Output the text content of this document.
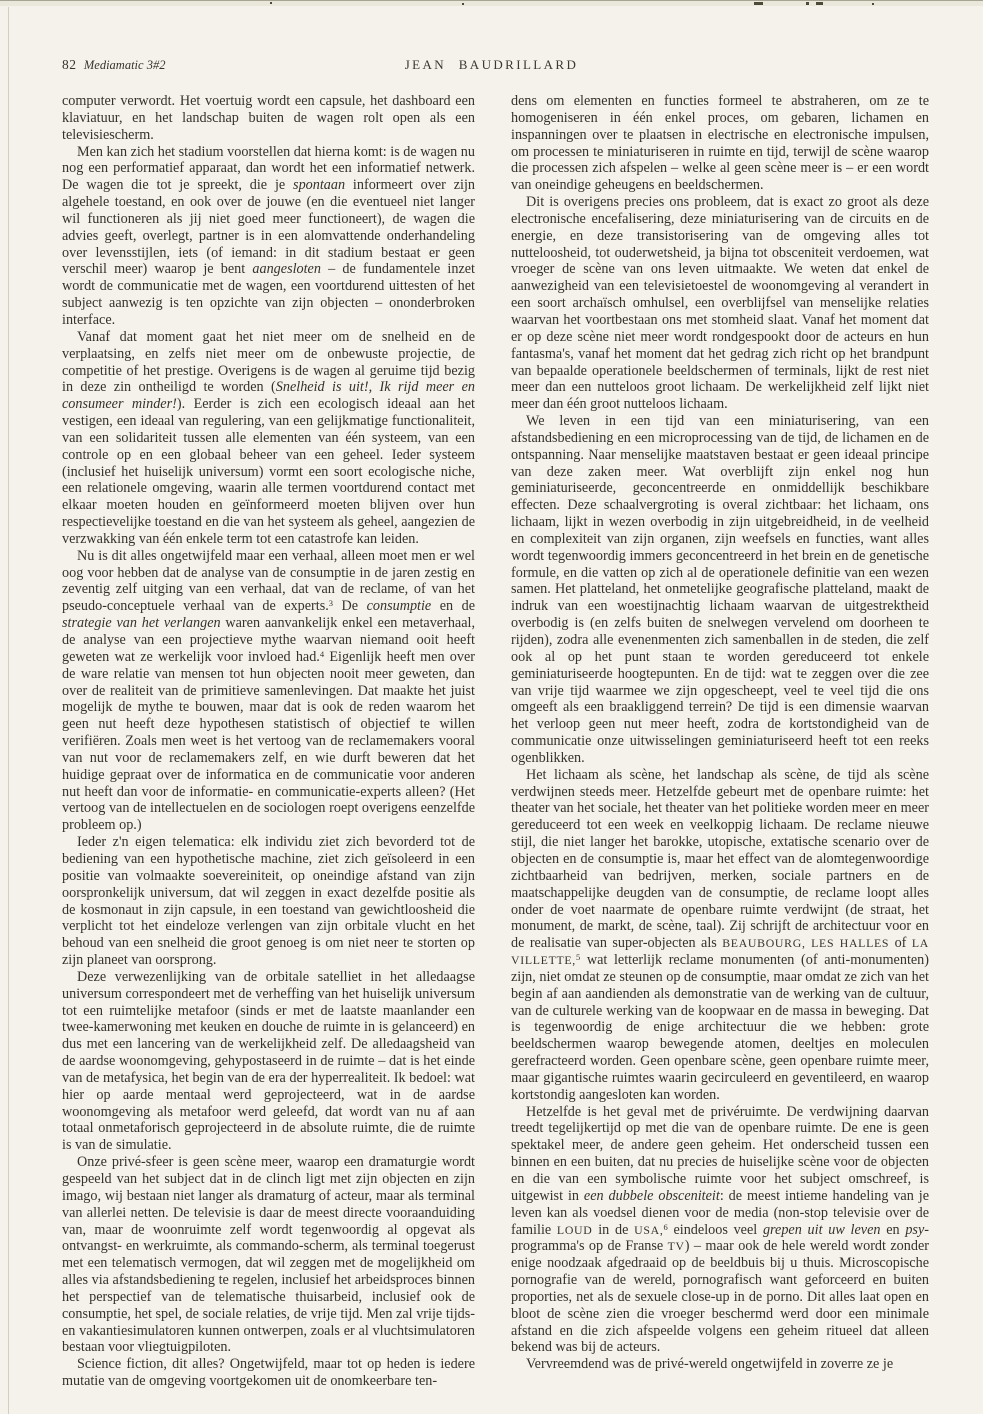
JEAN BAUDRILLARD
82 Mediamatic 3#2

computer verwordt. Het voertuig wordt een capsule, het dashboard een klaviatuur, en het landschap buiten de wagen rolt open als een televisiescherm.

Men kan zich het stadium voorstellen dat hierna komt: is de wagen nu nog een performatief apparaat, dan wordt het een informatief netwerk. De wagen die tot je spreekt, die je spontaan informeert over zijn algehele toestand, en ook over de jouwe (en die eventueel niet langer wil functioneren als jij niet goed meer functioneert), de wagen die advies geeft, overlegt, partner is in een alomvattende onderhandeling over levensstijlen, iets (of iemand: in dit stadium bestaat er geen verschil meer) waarop je bent aangesloten – de fundamentele inzet wordt de communicatie met de wagen, een voortdurend uittesten of het subject aanwezig is ten opzichte van zijn objecten – ononderbroken interface.

Vanaf dat moment gaat het niet meer om de snelheid en de verplaatsing, en zelfs niet meer om de onbewuste projectie, de competitie of het prestige. Overigens is de wagen al geruime tijd bezig in deze zin ontheiligd te worden (Snelheid is uit!, Ik rijd meer en consumeer minder!). Eerder is zich een ecologisch ideaal aan het vestigen, een ideaal van regulering, van een gelijkmatige functionaliteit, van een solidariteit tussen alle elementen van één systeem, van een controle op en een globaal beheer van een geheel. Ieder systeem (inclusief het huiselijk universum) vormt een soort ecologische niche, een relationele omgeving, waarin alle termen voortdurend contact met elkaar moeten houden en geïnformeerd moeten blijven over hun respectievelijke toestand en die van het systeem als geheel, aangezien de verzwakking van één enkele term tot een catastrofe kan leiden.

Nu is dit alles ongetwijfeld maar een verhaal, alleen moet men er wel oog voor hebben dat de analyse van de consumptie in de jaren zestig en zeventig zelf uitging van een verhaal, dat van de reclame, of van het pseudo-conceptuele verhaal van de experts.$^3$ De consumptie en de strategie van het verlangen waren aanvankelijk enkel een metaverhaal, de analyse van een projectieve mythe waarvan niemand ooit heeft geweten wat ze werkelijk voor invloed had.$^4$ Eigenlijk heeft men over de ware relatie van mensen tot hun objecten nooit meer geweten, dan over de realiteit van de primitieve samenlevingen. Dat maakte het juist mogelijk de mythe te bouwen, maar dat is ook de reden waarom het geen nut heeft deze hypothesen statistisch of objectief te willen verifiëren. Zoals men weet is het vertoog van de reclamemakers vooral van nut voor de reclamemakers zelf, en wie durft beweren dat het huidige gepraat over de informatica en de communicatie voor anderen nut heeft dan voor de informatie- en communicatie-experts alleen? (Het vertoog van de intellectuelen en de sociologen roept overigens eenzelfde probleem op.)

Ieder z'n eigen telematica: elk individu ziet zich bevorderd tot de bediening van een hypothetische machine, ziet zich geïsoleerd in een positie van volmaakte soevereiniteit, op oneindige afstand van zijn oorspronkelijk universum, dat wil zeggen in exact dezelfde positie als de kosmonaut in zijn capsule, in een toestand van gewichtloosheid die verplicht tot het eindeloze verlengen van zijn orbitale vlucht en het behoud van een snelheid die groot genoeg is om niet neer te storten op zijn planeet van oorsprong.

Deze verwezenlijking van de orbitale satelliet in het alledaagse universum correspondeert met de verheffing van het huiselijk universum tot een ruimtelijke metafoor (sinds er met de laatste maanlander een twee-kamerwoning met keuken en douche de ruimte in is gelanceerd) en dus met een lancering van de werkelijkheid zelf. De alledaagsheid van de aardse woonomgeving, gehypostaseerd in de ruimte – dat is het einde van de metafysica, het begin van de era der hyperrealiteit. Ik bedoel: wat hier op aarde mentaal werd geprojecteerd, wat in de aardse woonomgeving als metafoor werd geleefd, dat wordt van nu af aan totaal onmetaforisch geprojecteerd in de absolute ruimte, die de ruimte is van de simulatie.

Onze privé-sfeer is geen scène meer, waarop een dramaturgie wordt gespeeld van het subject dat in de clinch ligt met zijn objecten en zijn imago, wij bestaan niet langer als dramaturg of acteur, maar als terminal van allerlei netten. De televisie is daar de meest directe vooraanduiding van, maar de woonruimte zelf wordt tegenwoordig al opgevat als ontvangst- en werkruimte, als commando-scherm, als terminal toegerust met een telematisch vermogen, dat wil zeggen met de mogelijkheid om alles via afstandsbediening te regelen, inclusief het arbeidsproces binnen het perspectief van de telematische thuisarbeid, inclusief ook de consumptie, het spel, de sociale relaties, de vrije tijd. Men zal vrije tijds- en vakantiesimulatoren kunnen ontwerpen, zoals er al vluchtsimulatoren bestaan voor vliegtuigpiloten.

Science fiction, dit alles? Ongetwijfeld, maar tot op heden is iedere mutatie van de omgeving voortgekomen uit de onomkeerbare ten-

dens om elementen en functies formeel te abstraheren, om ze te homogeniseren in één enkel proces, om gebaren, lichamen en inspanningen over te plaatsen in electrische en electronische impulsen, om processen te miniaturiseren in ruimte en tijd, terwijl de scène waarop die processen zich afspelen – welke al geen scène meer is – er een wordt van oneindige geheugens en beeldschermen.

Dit is overigens precies ons probleem, dat is exact zo groot als deze electronische encefalisering, deze miniaturisering van de circuits en de energie, en deze transistorisering van de omgeving alles tot nutteloosheid, tot ouderwetsheid, ja bijna tot obsceniteit verdoemen, wat vroeger de scène van ons leven uitmaakte. We weten dat enkel de aanwezigheid van een televisietoestel de woonomgeving al verandert in een soort archaïsch omhulsel, een overblijfsel van menselijke relaties waarvan het voortbestaan ons met stomheid slaat. Vanaf het moment dat er op deze scène niet meer wordt rondgespookt door de acteurs en hun fantasma's, vanaf het moment dat het gedrag zich richt op het brandpunt van bepaalde operationele beeldschermen of terminals, lijkt de rest niet meer dan een nutteloos groot lichaam. De werkelijkheid zelf lijkt niet meer dan één groot nutteloos lichaam.

We leven in een tijd van een miniaturisering, van een afstandsbediening en een microprocessing van de tijd, de lichamen en de ontspanning. Naar menselijke maatstaven bestaat er geen ideaal principe van deze zaken meer. Wat overblijft zijn enkel nog hun geminiaturiseerde, geconcentreerde en onmiddellijk beschikbare effecten. Deze schaalvergroting is overal zichtbaar: het lichaam, ons lichaam, lijkt in wezen overbodig in zijn uitgebreidheid, in de veelheid en complexiteit van zijn organen, zijn weefsels en functies, want alles wordt tegenwoordig immers geconcentreerd in het brein en de genetische formule, en die vatten op zich al de operationele definitie van een wezen samen. Het platteland, het onmetelijke geografische platteland, maakt de indruk van een woestijnachtig lichaam waarvan de uitgestrektheid overbodig is (en zelfs buiten de snelwegen vervelend om doorheen te rijden), zodra alle evenenmenten zich samenballen in de steden, die zelf ook al op het punt staan te worden gereduceerd tot enkele geminiaturiseerde hoogtepunten. En de tijd: wat te zeggen over die zee van vrije tijd waarmee we zijn opgescheept, veel te veel tijd die ons omgeeft als een braakliggend terrein? De tijd is een dimensie waarvan het verloop geen nut meer heeft, zodra de kortstondigheid van de communicatie onze uitwisselingen geminiaturiseerd heeft tot een reeks ogenblikken.

Het lichaam als scène, het landschap als scène, de tijd als scène verdwijnen steeds meer. Hetzelfde gebeurt met de openbare ruimte: het theater van het sociale, het theater van het politieke worden meer en meer gereduceerd tot een week en veelkoppig lichaam. De reclame nieuwe stijl, die niet langer het barokke, utopische, extatische scenario over de objecten en de consumptie is, maar het effect van de alomtegenwoordige zichtbaarheid van bedrijven, merken, sociale partners en de maatschappelijke deugden van de consumptie, de reclame loopt alles onder de voet naarmate de openbare ruimte verdwijnt (de straat, het monument, de markt, de scène, taal). Zij schrijft de architectuur voor en de realisatie van super-objecten als BEAUBOURG, LES HALLES of LA VILLETTE,$^5$ wat letterlijk reclame monumenten (of anti-monumenten) zijn, niet omdat ze steunen op de consumptie, maar omdat ze zich van het begin af aan aandienden als demonstratie van de werking van de cultuur, van de culturele werking van de koopwaar en de massa in beweging. Dat is tegenwoordig de enige architectuur die we hebben: grote beeldschermen waarop bewegende atomen, deeltjes en moleculen gerefracteerd worden. Geen openbare scène, geen openbare ruimte meer, maar gigantische ruimtes waarin gecirculeerd en geventileerd, en waarop kortstondig aangesloten kan worden.

Hetzelfde is het geval met de privéruimte. De verdwijning daarvan treedt tegelijkertijd op met die van de openbare ruimte. De ene is geen spektakel meer, de andere geen geheim. Het onderscheid tussen een binnen en een buiten, dat nu precies de huiselijke scène voor de objecten en die van een symbolische ruimte voor het subject omschreef, is uitgewist in een dubbele obsceniteit: de meest intieme handeling van je leven kan als voedsel dienen voor de media (non-stop televisie over de familie LOUD in de USA,$^6$ eindeloos veel grepen uit uw leven en psy-programma's op de Franse TV) – maar ook de hele wereld wordt zonder enige noodzaak afgedraaid op de beeldbuis bij u thuis. Microscopische pornografie van de wereld, pornografisch want geforceerd en buiten proporties, net als de sexuele close-up in de porno. Dit alles laat open en bloot de scène zien die vroeger beschermd werd door een minimale afstand en die zich afspeelde volgens een geheim ritueel dat alleen bekend was bij de acteurs.

Vervreemdend was de privé-wereld ongetwijfeld in zoverre ze je
